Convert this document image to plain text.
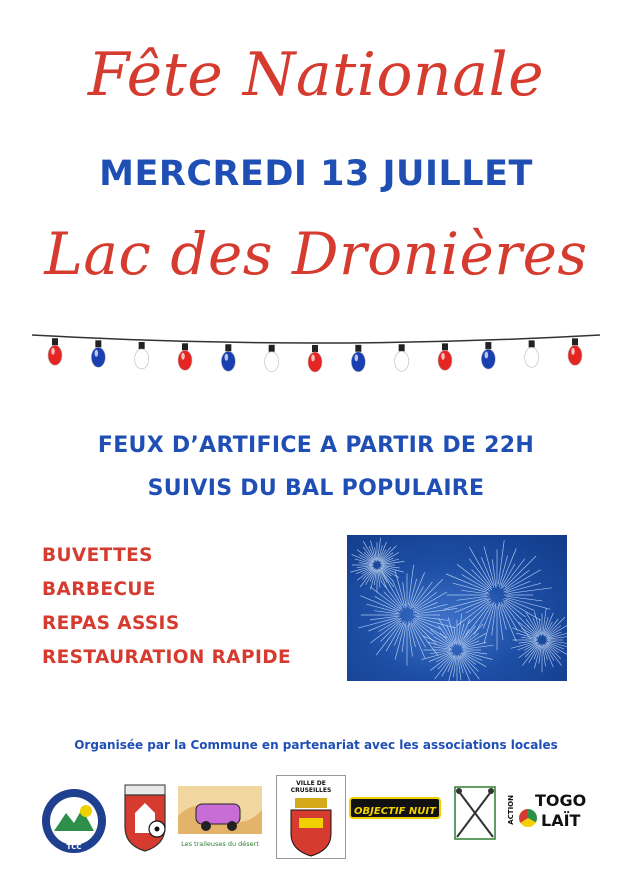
Fête Nationale
MERCREDI 13 JUILLET
Lac des Dronières
FEUX D’ARTIFICE A PARTIR DE 22H
SUIVIS DU BAL POPULAIRE
BUVETTES
BARBECUE
REPAS ASSIS
RESTAURATION RAPIDE
Organisée par la Commune en partenariat avec les associations locales
TCC	Les traileuses du désert
VILLE DE CRUSEILLES
OBJECTIF NUIT	ACTION TOGO
LAÏT
